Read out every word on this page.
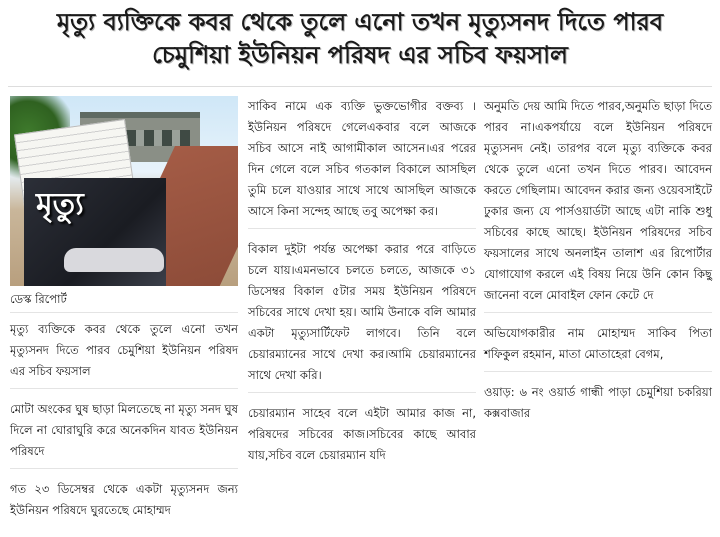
মৃত্যু ব্যক্তিকে কবর থেকে তুলে এনো তখন মৃত্যুসনদ দিতে পারব
চেমুশিয়া ইউনিয়ন পরিষদ এর সচিব ফয়সাল
মৃত্যু
ডেস্ক রিপোর্ট

মৃত্যু ব্যক্তিকে কবর থেকে তুলে এনো তখন মৃত্যুসনদ দিতে পারব চেমুশিয়া ইউনিয়ন পরিষদ এর সচিব ফয়সাল

মোটা অংকের ঘুষ ছাড়া মিলতেছে না মৃত্যু সনদ ঘুষ দিলে না ঘোরাঘুরি করে অনেকদিন যাবত ইউনিয়ন পরিষদে

গত ২৩ ডিসেম্বর থেকে একটা মৃত্যুসনদ জন্য ইউনিয়ন পরিষদে ঘুরতেছে মোহাম্মদ

সাকিব নামে এক ব্যক্তি ভুক্তভোগীর বক্তব্য । ইউনিয়ন পরিষদে গেলেএকবার বলে আজকে সচিব আসে নাই আগামীকাল আসেন।এর পরের দিন গেলে বলে সচিব গতকাল বিকালে আসছিল তুমি চলে যাওয়ার সাথে সাথে আসছিল আজকে আসে কিনা সন্দেহ আছে তবু অপেক্ষা কর।

বিকাল দুইটা পর্যন্ত অপেক্ষা করার পরে বাড়িতে চলে যায়।এমনভাবে চলতে চলতে, আজকে ৩১ ডিসেম্বর বিকাল ৫টার সময় ইউনিয়ন পরিষদে সচিবের সাথে দেখা হয়। আমি উনাকে বলি আমার একটা মৃত্যুসার্টিফেট লাগবে। তিনি বলে চেয়ারম্যানের সাথে দেখা কর।আমি চেয়ারম্যানের সাথে দেখা করি।

চেয়ারম্যান সাহেব বলে এইটা আমার কাজ না, পরিষদের সচিবের কাজ।সচিবের কাছে আবার যায়,সচিব বলে চেয়ারম্যান যদি

অনুমতি দেয় আমি দিতে পারব,অনুমতি ছাড়া দিতে পারব না।একপর্যায়ে বলে ইউনিয়ন পরিষদে মৃত্যুসনদ নেই। তারপর বলে মৃত্যু ব্যক্তিকে কবর থেকে তুলে এনো তখন দিতে পারব। আবেদন করতে গেছিলাম। আবেদন করার জন্য ওয়েবসাইটে ঢুকার জন্য যে পার্সওয়ার্ডটা আছে এটা নাকি শুধু সচিবের কাছে আছে। ইউনিয়ন পরিষদের সচিব ফয়সালের সাথে অনলাইন তালাশ এর রিপোর্টার যোগাযোগ করলে এই বিষয় নিয়ে উনি কোন কিছু জানেনা বলে মোবাইল ফোন কেটে দে

অভিযোগকারীর নাম মোহাম্মদ সাকিব পিতা শফিকুল রহমান, মাতা মোতাহেরা বেগম,

ওয়াড়: ৬ নং ওয়ার্ড গান্ধী পাড়া চেমুশিয়া চকরিয়া কক্সবাজার
